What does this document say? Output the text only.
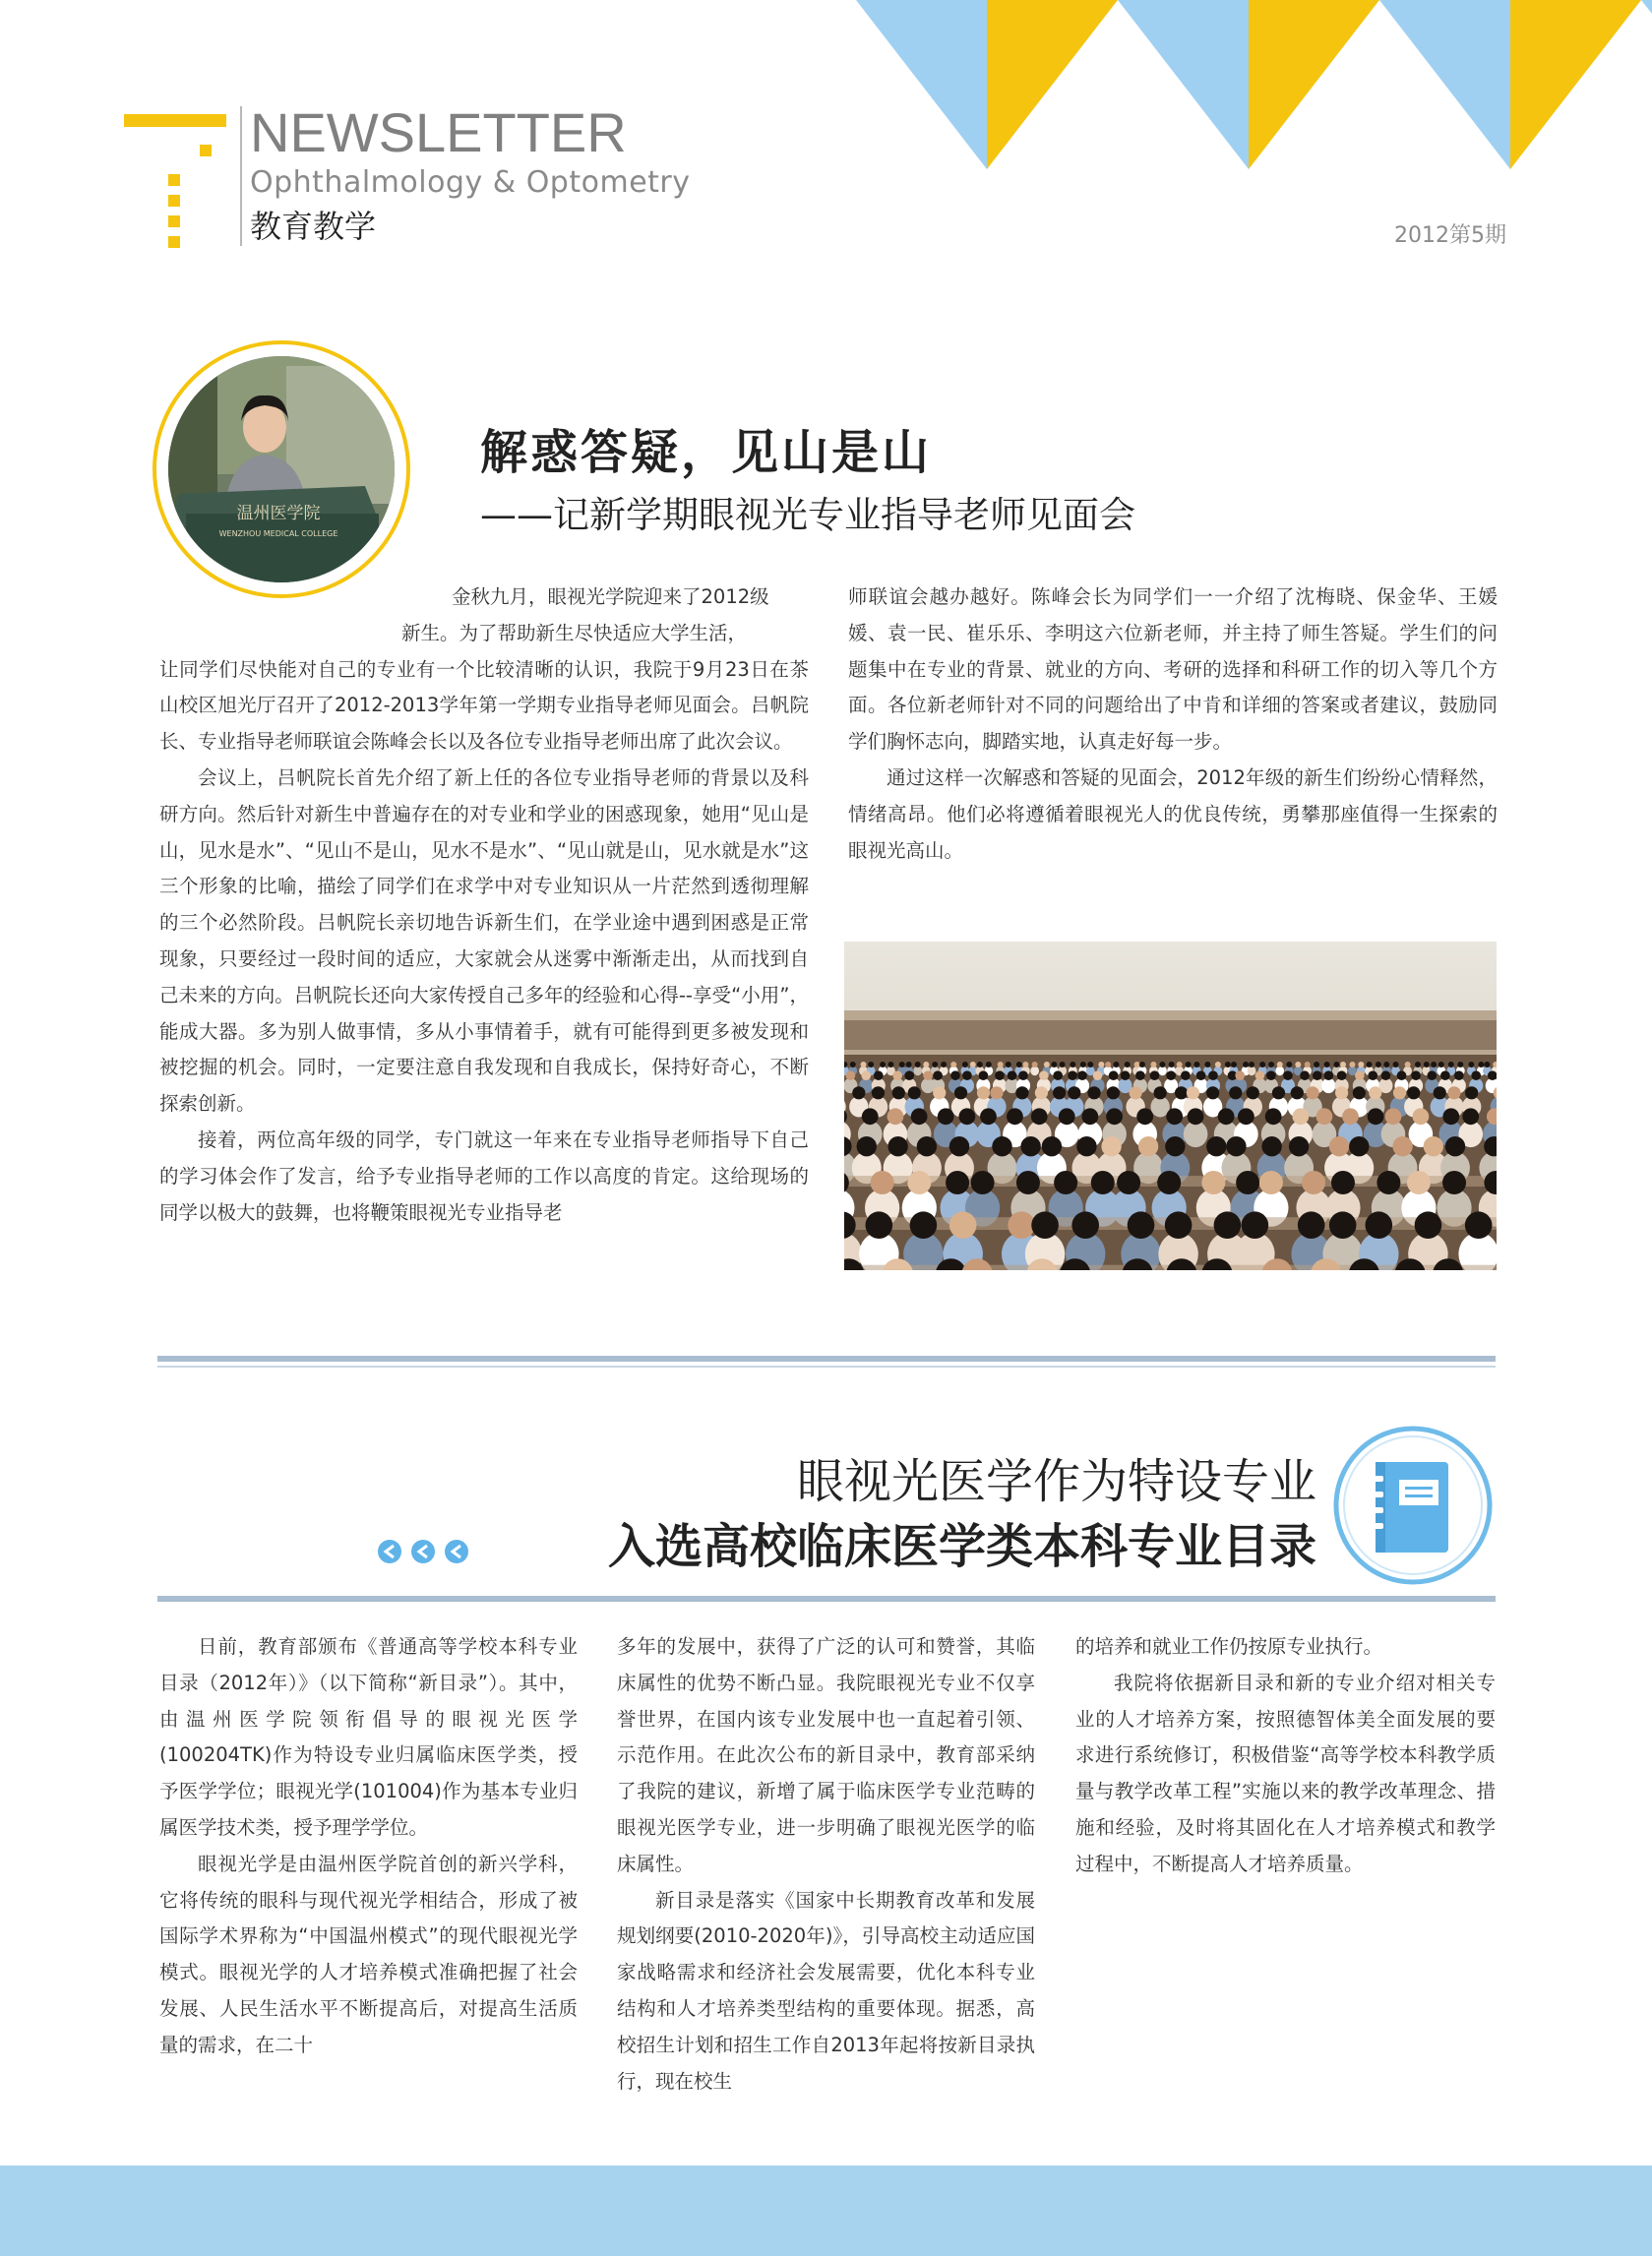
NEWSLETTER
Ophthalmology & Optometry
教育教学	2012第5期
温州医学院
WENZHOU MEDICAL COLLEGE
解惑答疑，见山是山
——记新学期眼视光专业指导老师见面会

金秋九月，眼视光学院迎来了2012级

新生。为了帮助新生尽快适应大学生活，

让同学们尽快能对自己的专业有一个比较清晰的认识，我院于9月23日在茶山校区旭光厅召开了2012-2013学年第一学期专业指导老师见面会。吕帆院长、专业指导老师联谊会陈峰会长以及各位专业指导老师出席了此次会议。

会议上，吕帆院长首先介绍了新上任的各位专业指导老师的背景以及科研方向。然后针对新生中普遍存在的对专业和学业的困惑现象，她用“见山是山，见水是水”、“见山不是山，见水不是水”、“见山就是山，见水就是水”这三个形象的比喻，描绘了同学们在求学中对专业知识从一片茫然到透彻理解的三个必然阶段。吕帆院长亲切地告诉新生们，在学业途中遇到困惑是正常现象，只要经过一段时间的适应，大家就会从迷雾中渐渐走出，从而找到自己未来的方向。吕帆院长还向大家传授自己多年的经验和心得--享受“小用”，能成大器。多为别人做事情，多从小事情着手，就有可能得到更多被发现和被挖掘的机会。同时，一定要注意自我发现和自我成长，保持好奇心，不断探索创新。

接着，两位高年级的同学，专门就这一年来在专业指导老师指导下自己的学习体会作了发言，给予专业指导老师的工作以高度的肯定。这给现场的同学以极大的鼓舞，也将鞭策眼视光专业指导老

师联谊会越办越好。陈峰会长为同学们一一介绍了沈梅晓、保金华、王媛媛、袁一民、崔乐乐、李明这六位新老师，并主持了师生答疑。学生们的问题集中在专业的背景、就业的方向、考研的选择和科研工作的切入等几个方面。各位新老师针对不同的问题给出了中肯和详细的答案或者建议，鼓励同学们胸怀志向，脚踏实地，认真走好每一步。

通过这样一次解惑和答疑的见面会，2012年级的新生们纷纷心情释然，情绪高昂。他们必将遵循着眼视光人的优良传统，勇攀那座值得一生探索的眼视光高山。

眼视光医学作为特设专业
入选高校临床医学类本科专业目录

日前，教育部颁布《普通高等学校本科专业目录（2012年）》（以下简称“新目录”）。其中，由温州医学院领衔倡导的眼视光医学(100204TK)作为特设专业归属临床医学类，授予医学学位；眼视光学(101004)作为基本专业归属医学技术类，授予理学学位。

眼视光学是由温州医学院首创的新兴学科，它将传统的眼科与现代视光学相结合，形成了被国际学术界称为“中国温州模式”的现代眼视光学模式。眼视光学的人才培养模式准确把握了社会发展、人民生活水平不断提高后，对提高生活质量的需求，在二十

多年的发展中，获得了广泛的认可和赞誉，其临床属性的优势不断凸显。我院眼视光专业不仅享誉世界，在国内该专业发展中也一直起着引领、示范作用。在此次公布的新目录中，教育部采纳了我院的建议，新增了属于临床医学专业范畴的眼视光医学专业，进一步明确了眼视光医学的临床属性。

新目录是落实《国家中长期教育改革和发展规划纲要(2010-2020年)》，引导高校主动适应国家战略需求和经济社会发展需要，优化本科专业结构和人才培养类型结构的重要体现。据悉，高校招生计划和招生工作自2013年起将按新目录执行，现在校生

的培养和就业工作仍按原专业执行。

我院将依据新目录和新的专业介绍对相关专业的人才培养方案，按照德智体美全面发展的要求进行系统修订，积极借鉴“高等学校本科教学质量与教学改革工程”实施以来的教学改革理念、措施和经验，及时将其固化在人才培养模式和教学过程中，不断提高人才培养质量。
